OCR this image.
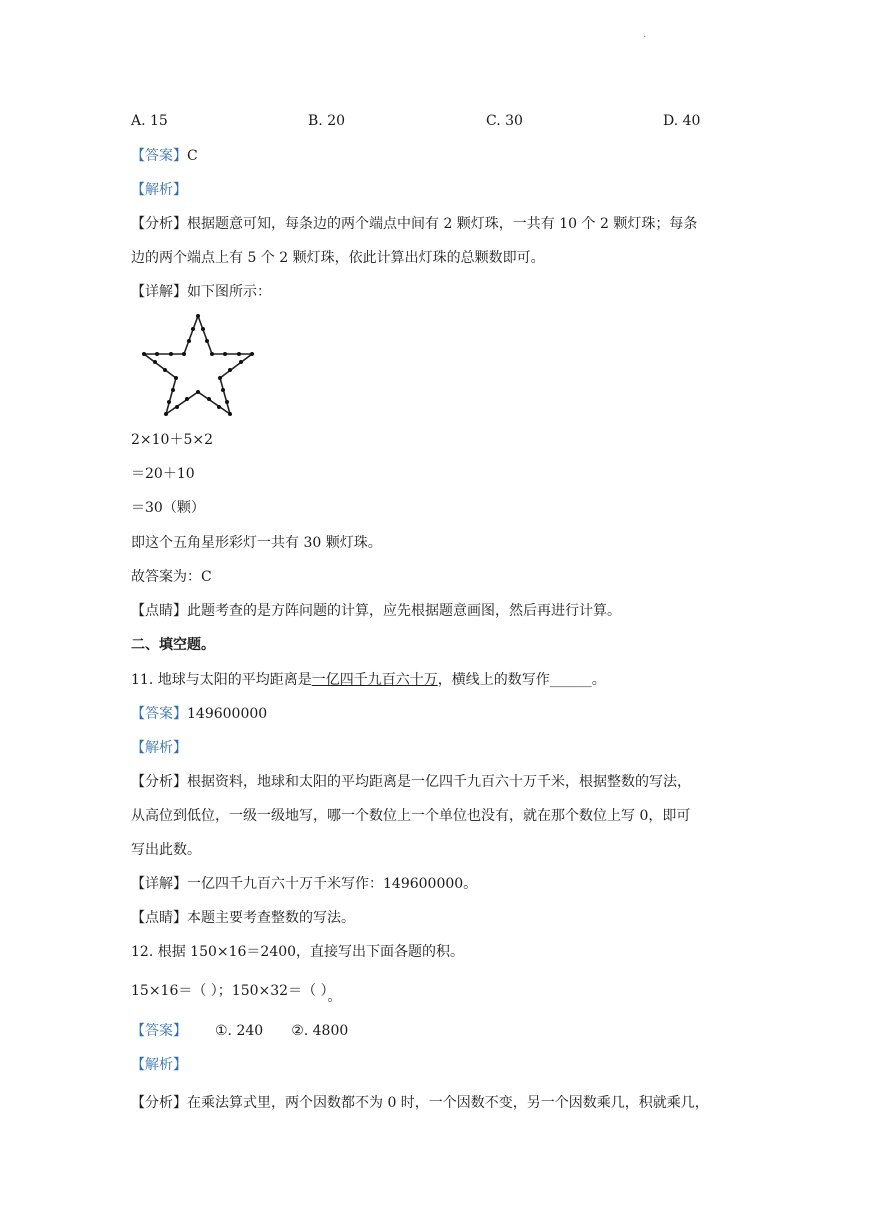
·
A. 15	B. 20	C. 30	D. 40
【答案】C
【解析】
【分析】根据题意可知，每条边的两个端点中间有 2 颗灯珠，一共有 10 个 2 颗灯珠；每条
边的两个端点上有 5 个 2 颗灯珠，依此计算出灯珠的总颗数即可。
【详解】如下图所示：
2×10＋5×2
＝20＋10
＝30（颗）
即这个五角星形彩灯一共有 30 颗灯珠。
故答案为：C
【点睛】此题考查的是方阵问题的计算，应先根据题意画图，然后再进行计算。
二、填空题。
11. 地球与太阳的平均距离是一亿四千九百六十万，横线上的数写作______。
【答案】149600000
【解析】
【分析】根据资料，地球和太阳的平均距离是一亿四千九百六十万千米，根据整数的写法，
从高位到低位，一级一级地写，哪一个数位上一个单位也没有，就在那个数位上写 0，即可
写出此数。
【详解】一亿四千九百六十万千米写作：149600000。
【点睛】本题主要考查整数的写法。
12. 根据 150×16＝2400，直接写出下面各题的积。
15×16＝（ ）；150×32＝（ ）。
【答案】 ①. 240 ②. 4800
【解析】
【分析】在乘法算式里，两个因数都不为 0 时，一个因数不变，另一个因数乘几，积就乘几，
